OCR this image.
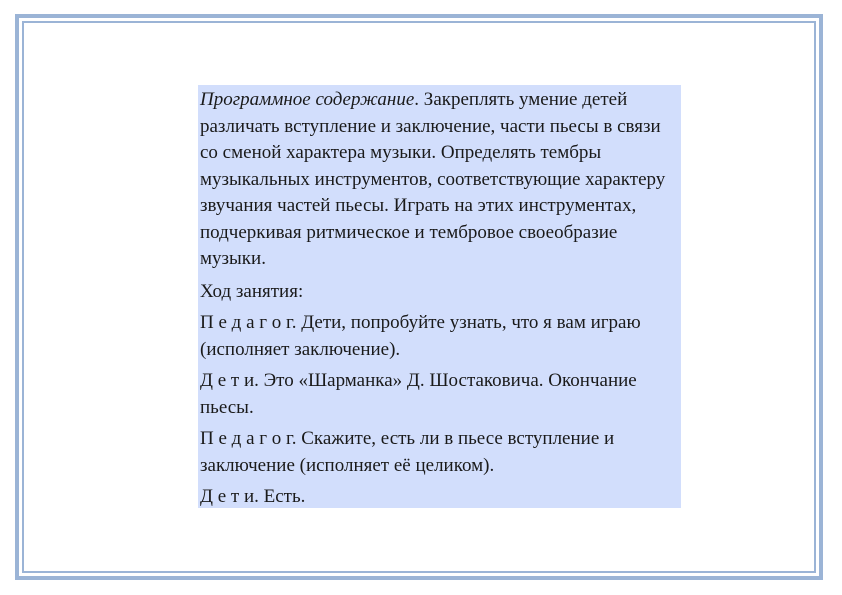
Программное содержание. Закреплять умение детей различать вступление и заключение, части пьесы в связи со сменой характера музыки. Определять тембры музыкальных инструментов, соответствующие характеру звучания частей пьесы. Играть на этих инструментах, подчеркивая ритмическое и тембровое своеобразие музыки.

Ход занятия:

П е д а г о г. Дети, попробуйте узнать, что я вам играю (исполняет заключение).

Д е т и. Это «Шарманка» Д. Шостаковича. Окончание пьесы.

П е д а г о г. Скажите, есть ли в пьесе вступление и заключение (исполняет её целиком).

Д е т и. Есть.
